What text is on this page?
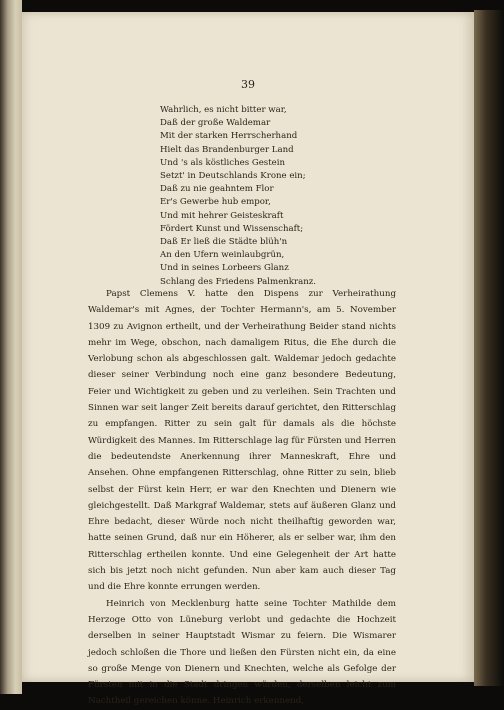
39
Wahrlich, es nicht bitter war,
Daß der große Waldemar
Mit der starken Herrscherhand
Hielt das Brandenburger Land
Und 's als köstliches Gestein
Setzt' in Deutschlands Krone ein;
Daß zu nie geahntem Flor
Er's Gewerbe hub empor,
Und mit hehrer Geisteskraft
Fördert Kunst und Wissenschaft;
Daß Er ließ die Städte blüh'n
An den Ufern weinlaubgrün,
Und in seines Lorbeers Glanz
Schlang des Friedens Palmenkranz.

Papst Clemens V. hatte den Dispens zur Verheirathung Waldemar's mit Agnes, der Tochter Hermann's, am 5. November 1309 zu Avignon ertheilt, und der Verheirathung Beider stand nichts mehr im Wege, obschon, nach damaligem Ritus, die Ehe durch die Verlobung schon als abgeschlossen galt. Waldemar jedoch gedachte dieser seiner Verbindung noch eine ganz besondere Bedeutung, Feier und Wichtigkeit zu geben und zu verleihen. Sein Trachten und Sinnen war seit langer Zeit bereits darauf gerichtet, den Ritterschlag zu empfangen. Ritter zu sein galt für damals als die höchste Würdigkeit des Mannes. Im Ritterschlage lag für Fürsten und Herren die bedeutendste Anerkennung ihrer Manneskraft, Ehre und Ansehen. Ohne empfangenen Ritterschlag, ohne Ritter zu sein, blieb selbst der Fürst kein Herr, er war den Knechten und Dienern wie gleichgestellt. Daß Markgraf Waldemar, stets auf äußeren Glanz und Ehre bedacht, dieser Würde noch nicht theilhaftig geworden war, hatte seinen Grund, daß nur ein Höherer, als er selber war, ihm den Ritterschlag ertheilen konnte. Und eine Gelegenheit der Art hatte sich bis jetzt noch nicht gefunden. Nun aber kam auch dieser Tag und die Ehre konnte errungen werden.

Heinrich von Mecklenburg hatte seine Tochter Mathilde dem Herzoge Otto von Lüneburg verlobt und gedachte die Hochzeit derselben in seiner Hauptstadt Wismar zu feiern. Die Wismarer jedoch schloßen die Thore und ließen den Fürsten nicht ein, da eine so große Menge von Dienern und Knechten, welche als Gefolge der Fürsten mit in die Stadt dringen würden, derselben leicht zum Nachtheil gereichen könne. Heinrich erkennend,
